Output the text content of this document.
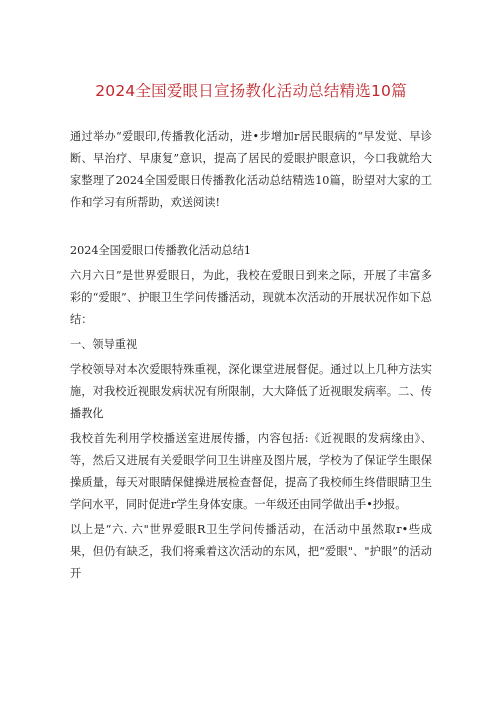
2024全国爱眼日宣扬教化活动总结精选10篇

通过举办“爱眼印,传播教化活动，进•步增加r居民眼病的“早发觉、早诊断、早治疗、早康复”意识，提高了居民的爱眼护眼意识，今口我就给大家整理了2024全国爱眼日传播教化活动总结精选10篇，盼望对大家的工作和学习有所帮助，欢送阅读!

2024全国爱眼口传播教化活动总结1

六月六日”是世界爱眼日，为此，我校在爱眼日到来之际，开展了丰富多彩的“爱眼”、护眼卫生学问传播活动，现就本次活动的开展状况作如下总结：

一、领导重视

学校领导对本次爱眼特殊重视，深化课堂进展督促。通过以上几种方法实施，对我校近视眼发病状况有所限制，大大降低了近视眼发病率。二、传播教化

我校首先利用学校播送室进展传播，内容包括:《近视眼的发病缘由》、等，然后又进展有关爱眼学问卫生讲座及图片展，学校为了保证学生眼保操质量，每天对眼睛保健操进展检查督促，提高了我校师生终借眼睛卫生学问水平，同时促进r学生身体安康。一年级还由同学做出手•抄报。

以上是“六. 六"世界爱眼R卫生学问传播活动，在活动中虽然取r•些成果，但仍有缺乏，我们将乘着这次活动的东风，把“爱眼"、"护眼”的活动开
